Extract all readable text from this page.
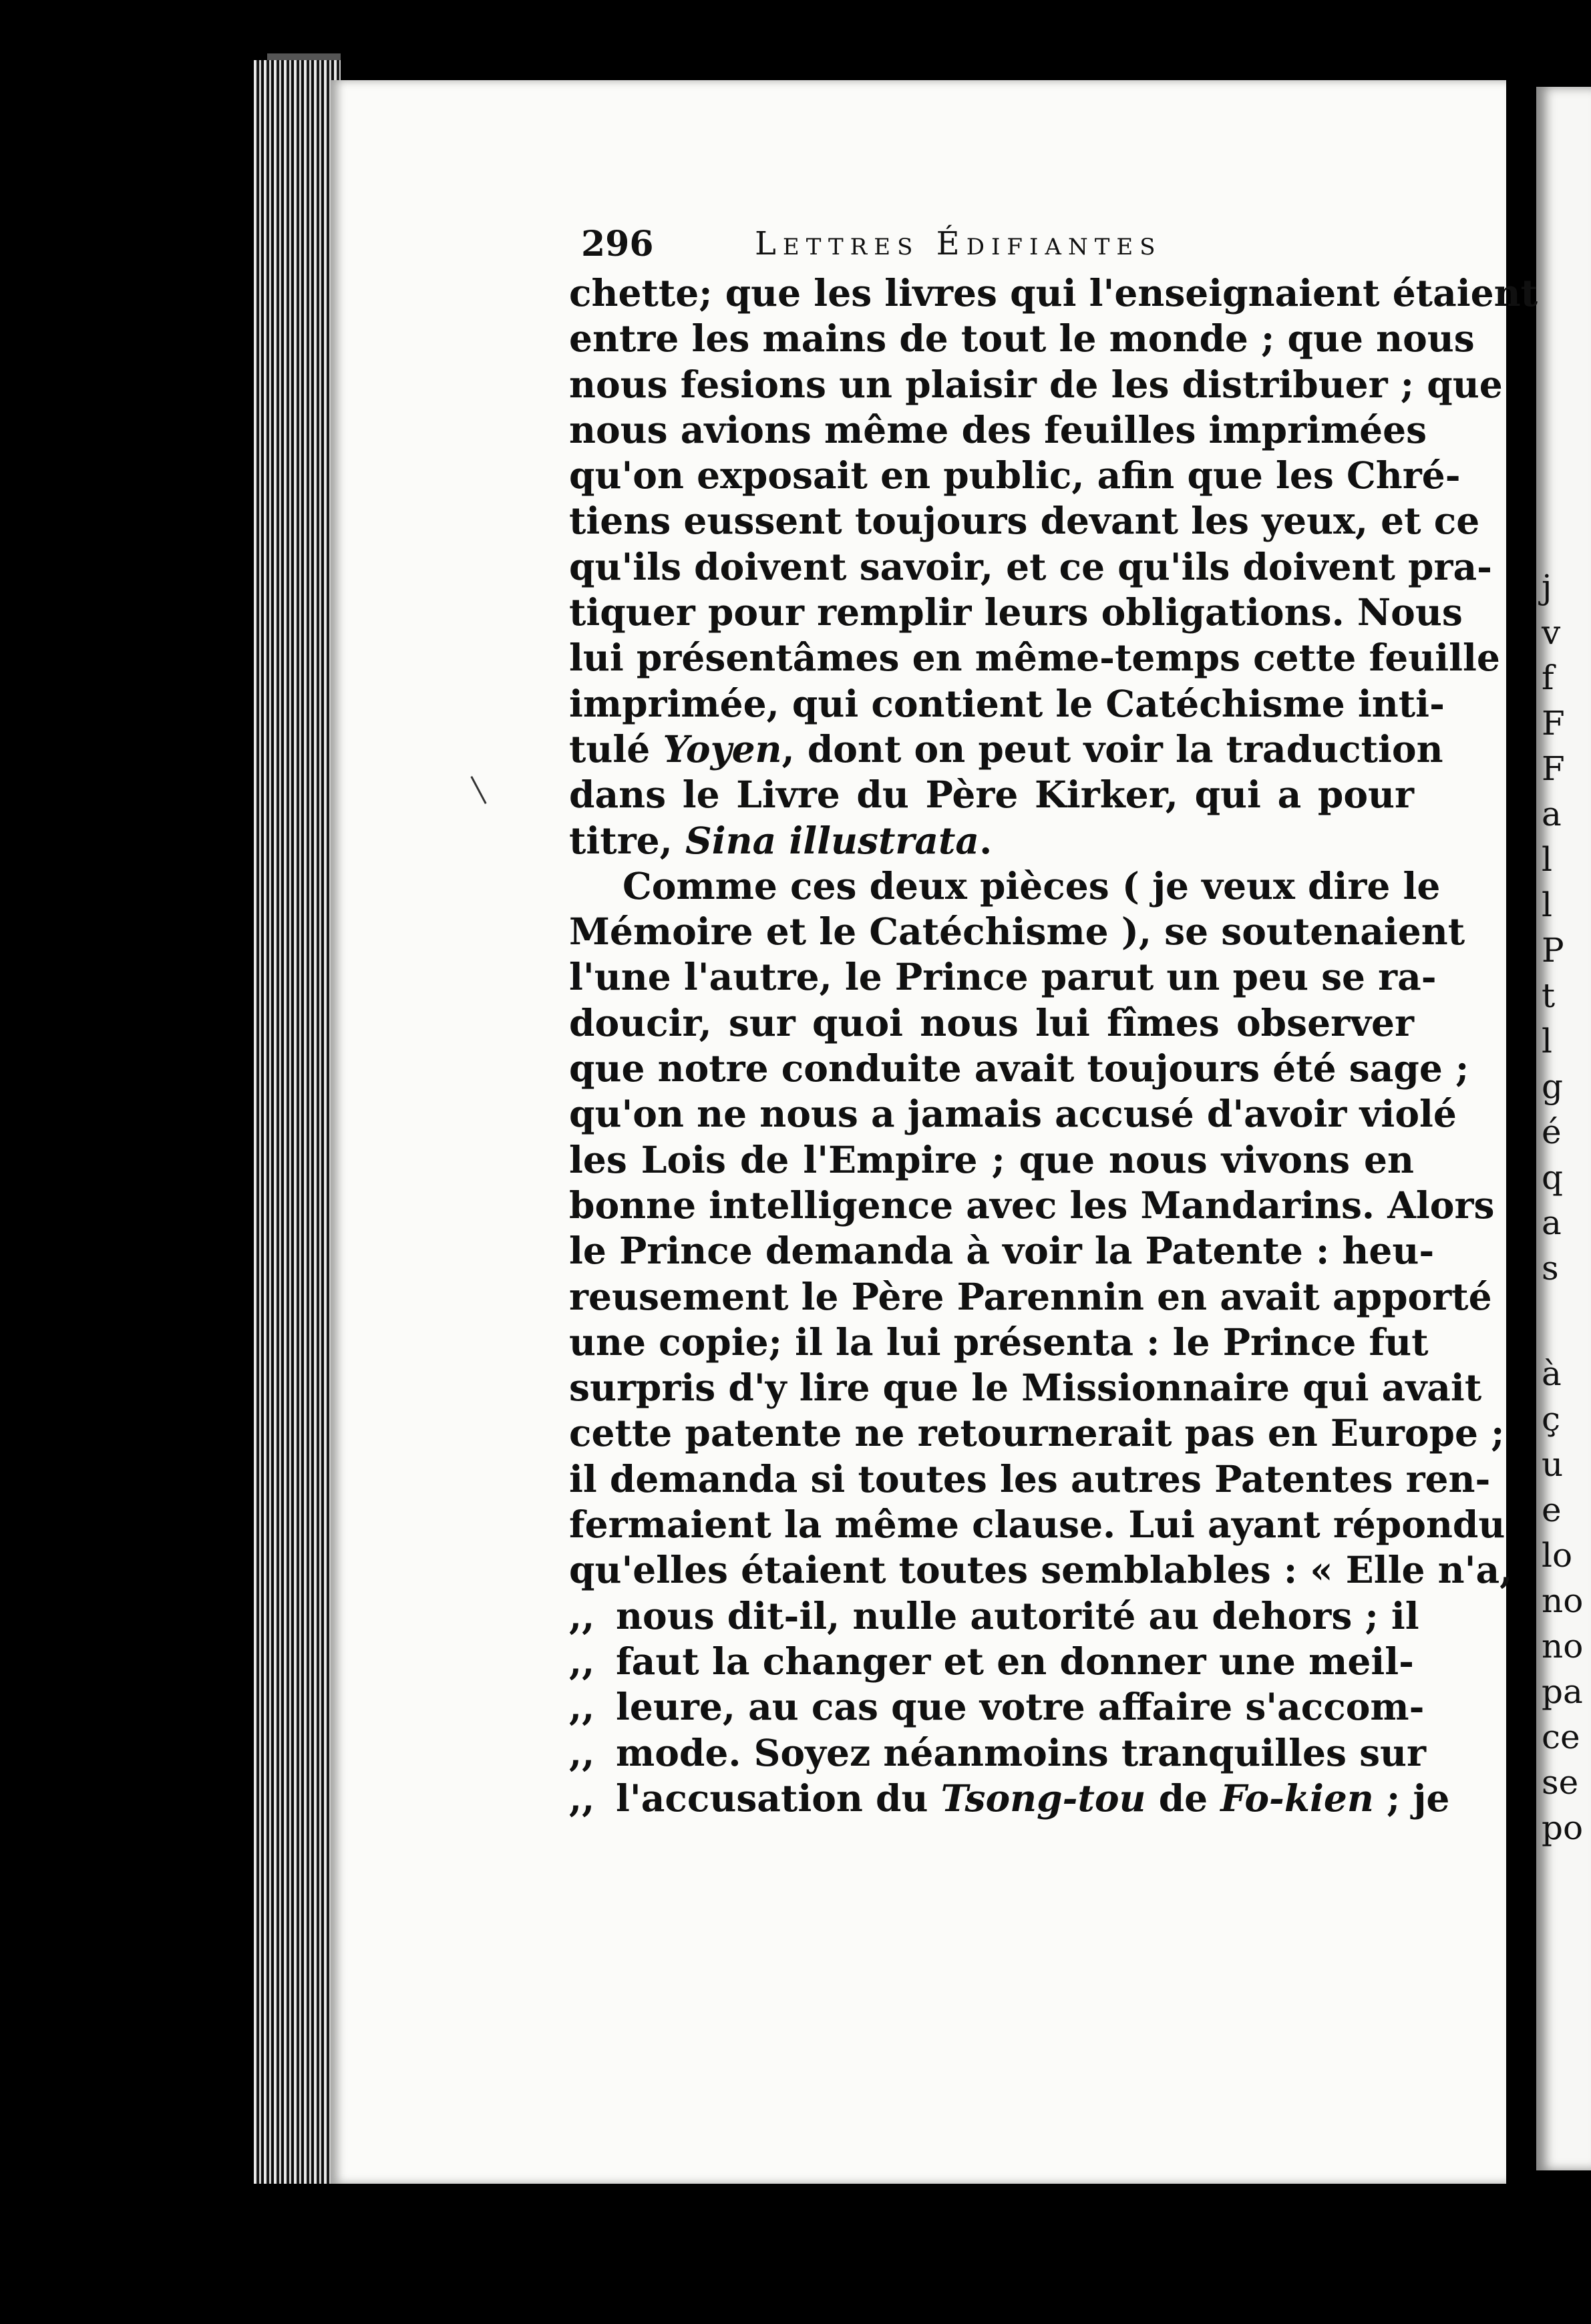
j
v
f
F
F
a
l
l
P
t
l
g
é
q
a
s
à
ç
u
e
lo
no
no
pa
ce
se
po
296	Lettres Édifiantes
chette; que les livres qui l'enseignaient étaient
entre les mains de tout le monde ; que nous
nous fesions un plaisir de les distribuer ; que
nous avions même des feuilles imprimées
qu'on exposait en public, afin que les Chré-
tiens eussent toujours devant les yeux, et ce
qu'ils doivent savoir, et ce qu'ils doivent pra-
tiquer pour remplir leurs obligations. Nous
lui présentâmes en même-temps cette feuille
imprimée, qui contient le Catéchisme inti-
tulé Yoyen, dont on peut voir la traduction
dans le Livre du Père Kirker, qui a pour
titre, Sina illustrata.
Comme ces deux pièces ( je veux dire le
Mémoire et le Catéchisme ), se soutenaient
l'une l'autre, le Prince parut un peu se ra-
doucir, sur quoi nous lui fîmes observer
que notre conduite avait toujours été sage ;
qu'on ne nous a jamais accusé d'avoir violé
les Lois de l'Empire ; que nous vivons en
bonne intelligence avec les Mandarins. Alors
le Prince demanda à voir la Patente : heu-
reusement le Père Parennin en avait apporté
une copie; il la lui présenta : le Prince fut
surpris d'y lire que le Missionnaire qui avait
cette patente ne retournerait pas en Europe ;
il demanda si toutes les autres Patentes ren-
fermaient la même clause. Lui ayant répondu
qu'elles étaient toutes semblables : « Elle n'a,
,, nous dit-il, nulle autorité au dehors ; il
,, faut la changer et en donner une meil-
,, leure, au cas que votre affaire s'accom-
,, mode. Soyez néanmoins tranquilles sur
,, l'accusation du Tsong-tou de Fo-kien ; je
